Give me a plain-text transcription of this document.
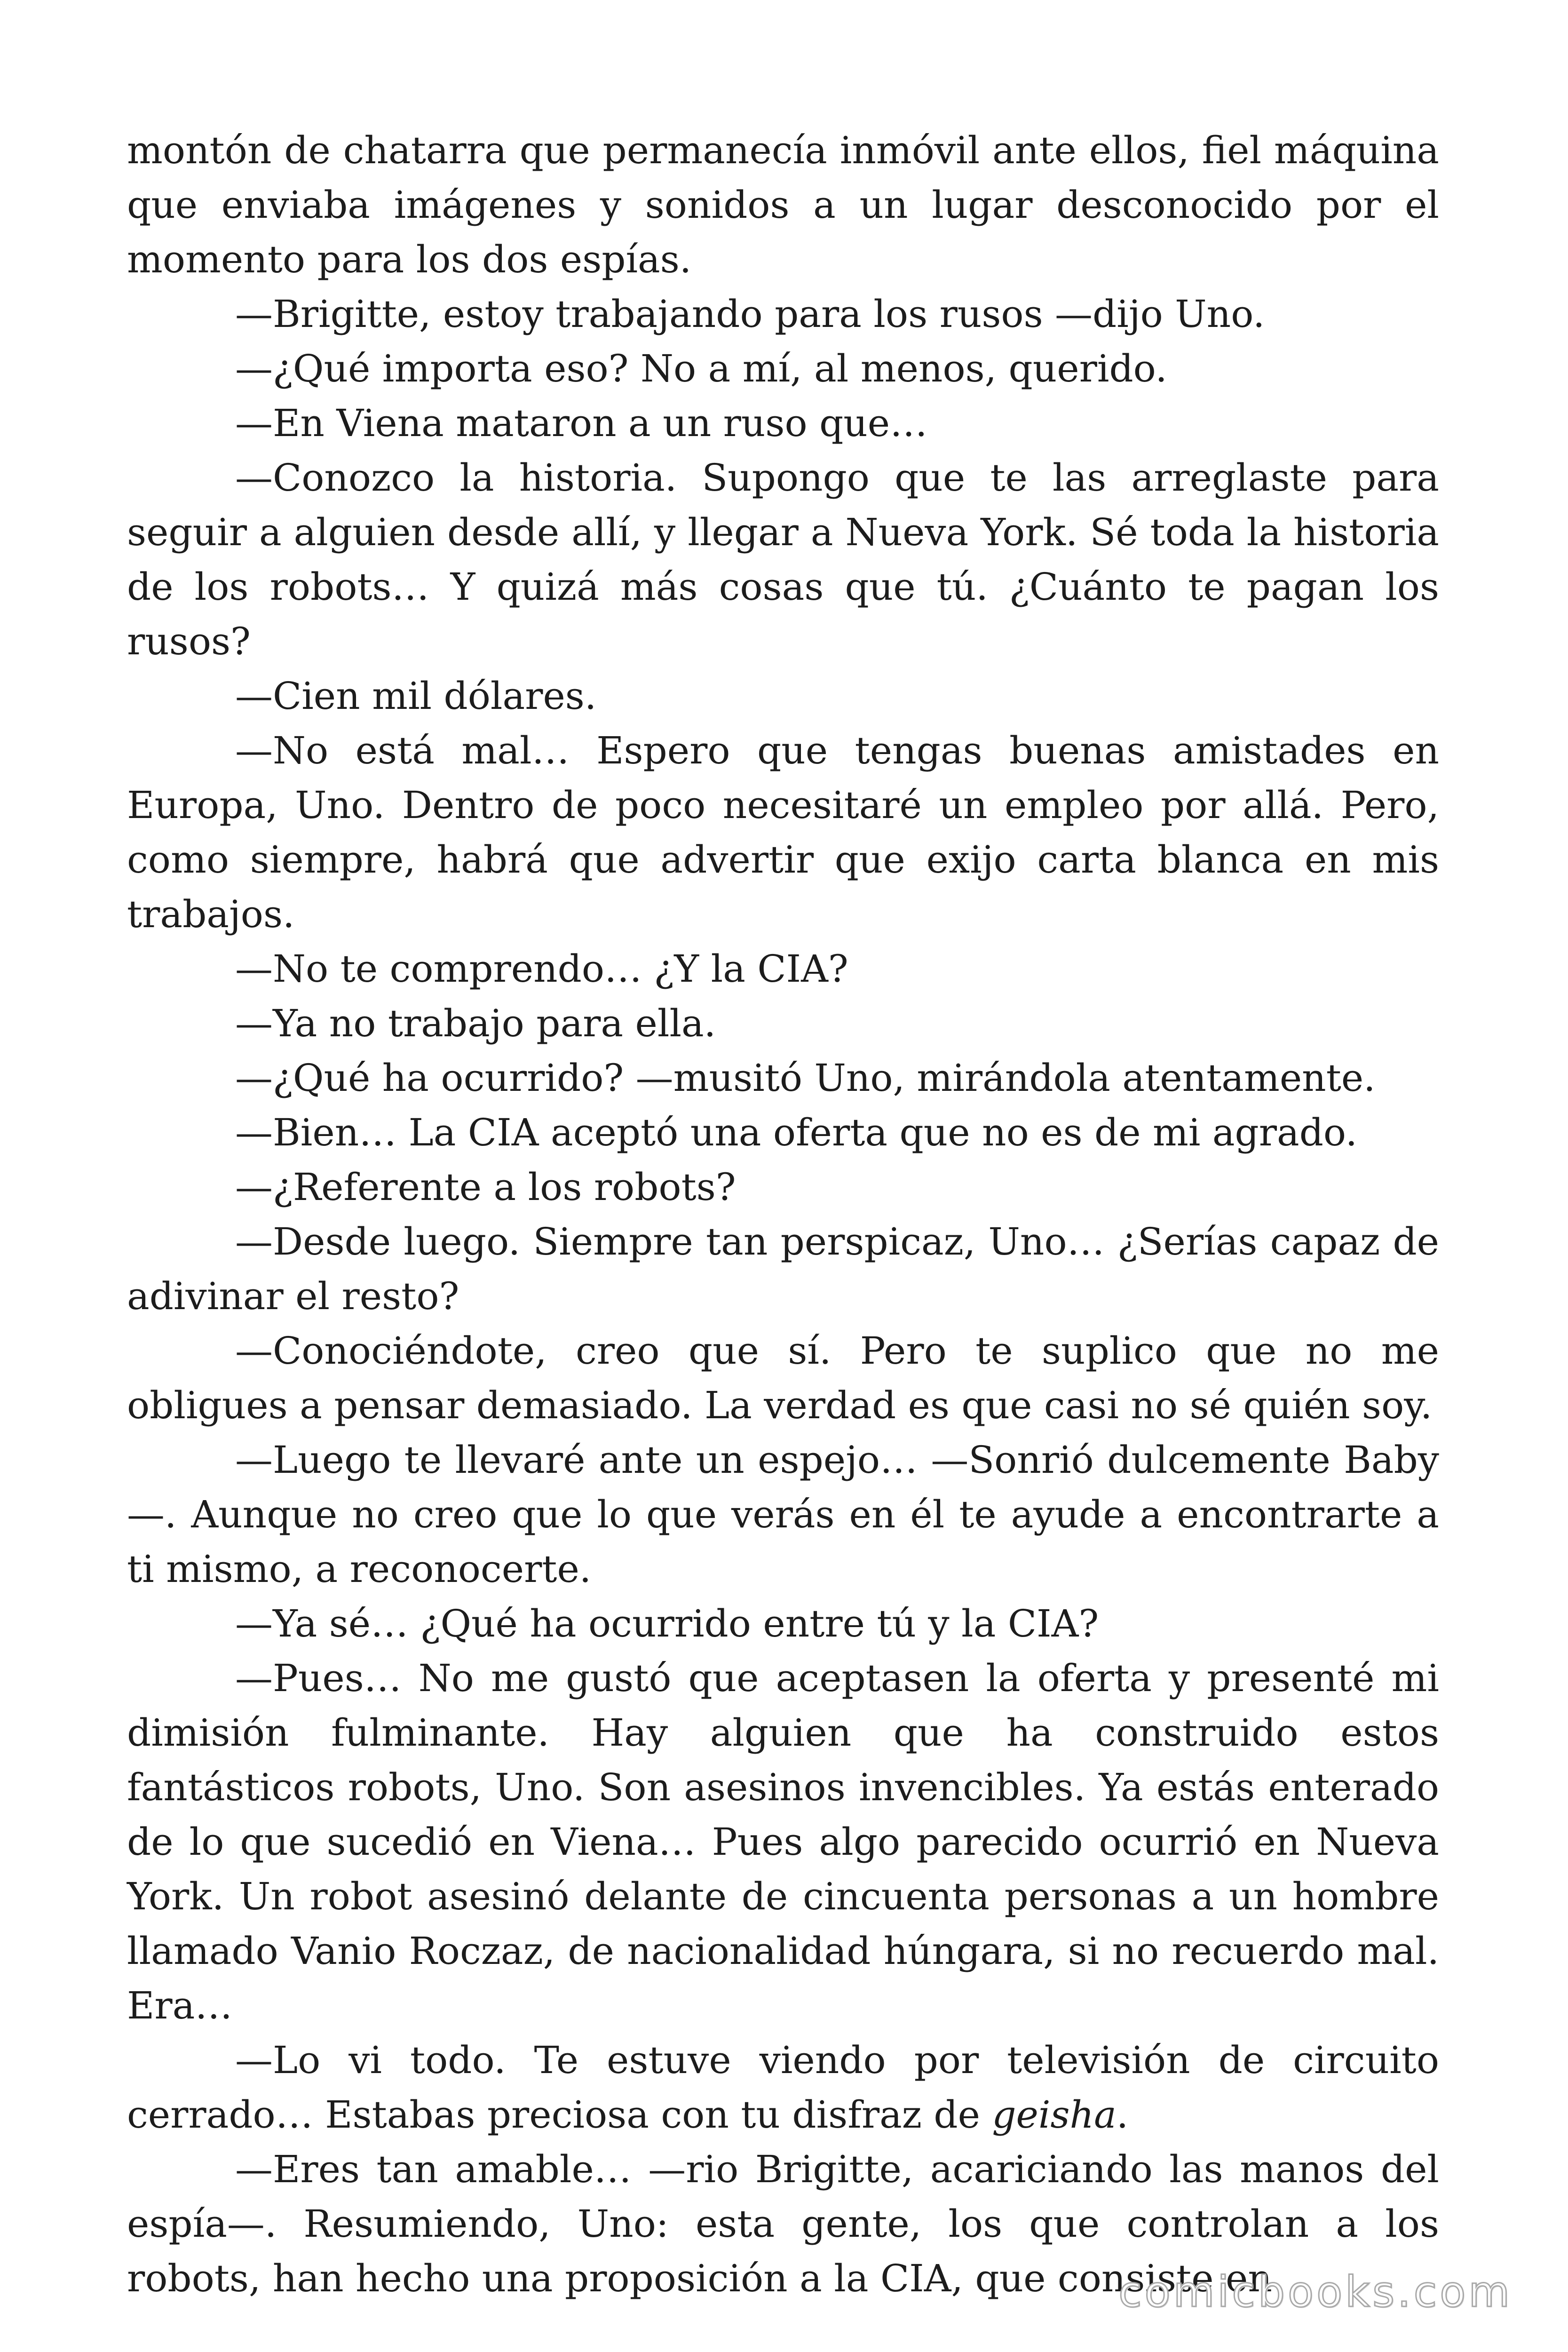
montón de chatarra que permanecía inmóvil ante ellos, fiel máquina que enviaba imágenes y sonidos a un lugar desconocido por el momento para los dos espías.

—Brigitte, estoy trabajando para los rusos —dijo Uno.

—¿Qué importa eso? No a mí, al menos, querido.

—En Viena mataron a un ruso que…

—Conozco la historia. Supongo que te las arreglaste para seguir a alguien desde allí, y llegar a Nueva York. Sé toda la historia de los robots… Y quizá más cosas que tú. ¿Cuánto te pagan los rusos?

—Cien mil dólares.

—No está mal… Espero que tengas buenas amistades en Europa, Uno. Dentro de poco necesitaré un empleo por allá. Pero, como siempre, habrá que advertir que exijo carta blanca en mis trabajos.

—No te comprendo… ¿Y la CIA?

—Ya no trabajo para ella.

—¿Qué ha ocurrido? —musitó Uno, mirándola atentamente.

—Bien… La CIA aceptó una oferta que no es de mi agrado.

—¿Referente a los robots?

—Desde luego. Siempre tan perspicaz, Uno… ¿Serías capaz de adivinar el resto?

—Conociéndote, creo que sí. Pero te suplico que no me obligues a pensar demasiado. La verdad es que casi no sé quién soy.

—Luego te llevaré ante un espejo… —Sonrió dulcemente Baby —. Aunque no creo que lo que verás en él te ayude a encontrarte a ti mismo, a reconocerte.

—Ya sé… ¿Qué ha ocurrido entre tú y la CIA?

—Pues… No me gustó que aceptasen la oferta y presenté mi dimisión fulminante. Hay alguien que ha construido estos fantásticos robots, Uno. Son asesinos invencibles. Ya estás enterado de lo que sucedió en Viena… Pues algo parecido ocurrió en Nueva York. Un robot asesinó delante de cincuenta personas a un hombre llamado Vanio Roczaz, de nacionalidad húngara, si no recuerdo mal. Era…

—Lo vi todo. Te estuve viendo por televisión de circuito cerrado… Estabas preciosa con tu disfraz de geisha.

—Eres tan amable… —rio Brigitte, acariciando las manos del espía—. Resumiendo, Uno: esta gente, los que controlan a los robots, han hecho una proposición a la CIA, que consiste en

comicbooks.com
